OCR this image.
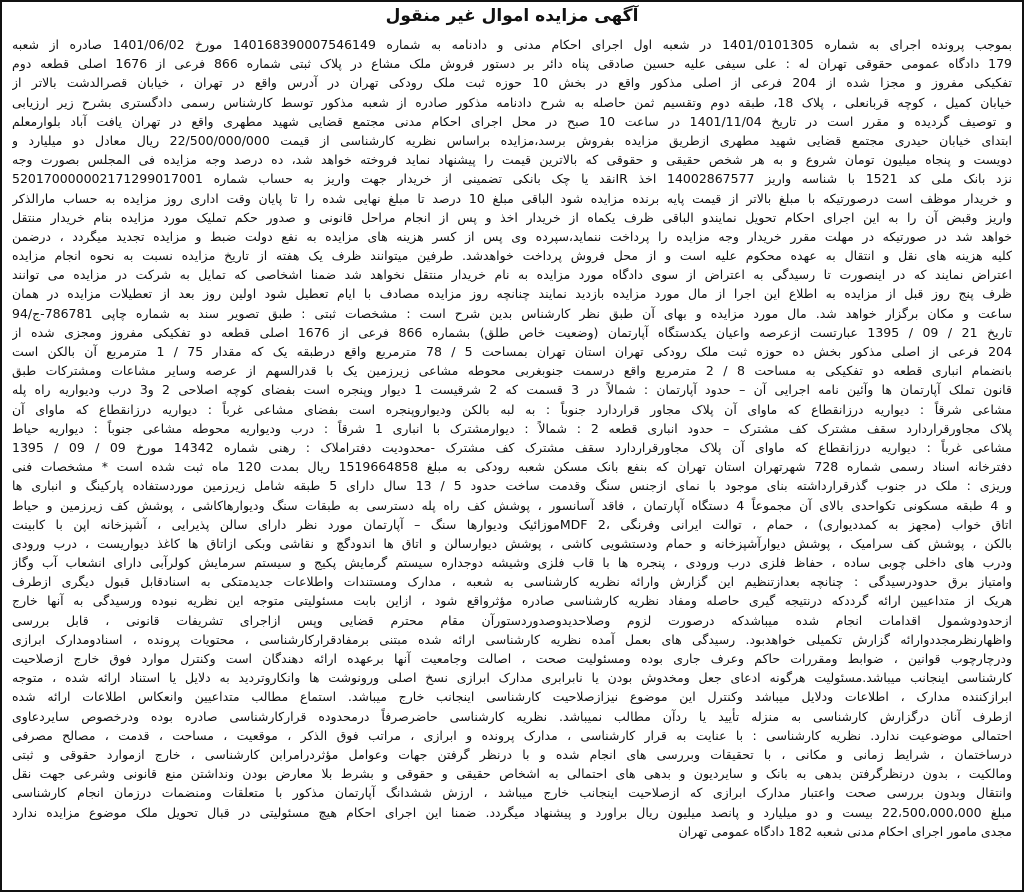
آگهی مزایده اموال غیر منقول
بموجب پرونده اجرای به شماره 1401/0101305 در شعبه اول اجرای احکام مدنی و دادنامه به شماره 140168390007546149 مورخ 1401/06/02 صادره از شعبه
179 دادگاه عمومی حقوقی تهران له : علی سیفی علیه حسین صادقی پناه دائر بر دستور فروش ملک مشاع در پلاک ثبتی شماره 866 فرعی از 1676 اصلی قطعه دوم
تفکیکی مفروز و مجزا شده از 204 فرعی از اصلی مذکور واقع در بخش 10 حوزه ثبت ملک رودکی تهران در آدرس واقع در تهران ، خیابان قصرالدشت بالاتر از
خیابان کمیل ، کوچه قربانعلی ، پلاک 18، طبقه دوم وتقسیم ثمن حاصله به شرح دادنامه مذکور صادره از شعبه مذکور توسط کارشناس رسمی دادگستری بشرح زیر ارزیابی
و توصیف گردیده و مقرر است در تاریخ 1401/11/04 در ساعت 10 صبح در محل اجرای احکام مدنی مجتمع قضایی شهید مطهری واقع در تهران یافت آباد بلوارمعلم
ابتدای خیابان حیدری مجتمع قضایی شهید مطهری ازطریق مزایده بفروش برسد،مزایده براساس نظریه کارشناسی از قیمت 22/500/000/000 ریال معادل دو میلیارد و
دویست و پنجاه میلیون تومان شروع و به هر شخص حقیقی و حقوقی که بالاترین قیمت را پیشنهاد نماید فروخته خواهد شد، ده درصد وجه مزایده فی المجلس بصورت وجه
نزد بانک ملی کد 1521 با شناسه واریز 14002867577 اخذ IRنقد یا چک بانکی تضمینی از خریدار جهت واریز به حساب شماره 520170000002171299017001
و خریدار موظف است درصورتیکه با مبلغ بالاتر از قیمت پایه برنده مزایده شود الباقی مبلغ 10 درصد تا مبلغ نهایی شده را تا پایان وقت اداری روز مزایده به حساب مارالذکر
واریز وقبض آن را به این اجرای احکام تحویل نمایندو الباقی ظرف یکماه از خریدار اخذ و پس از انجام مراحل قانونی و صدور حکم تملیک مورد مزایده بنام خریدار منتقل
خواهد شد در صورتیکه در مهلت مقرر خریدار وجه مزایده را پرداخت ننماید،سپرده وی پس از کسر هزینه های مزایده به نفع دولت ضبط و مزایده تجدید میگردد ، درضمن
کلیه هزینه های نقل و انتقال به عهده محکوم علیه است و از محل فروش پرداخت خواهدشد. طرفین میتوانند ظرف یک هفته از تاریخ مزایده نسبت به نحوه انجام مزایده
اعتراض نمایند که در اینصورت تا رسیدگی به اعتراض از سوی دادگاه مورد مزایده به نام خریدار منتقل نخواهد شد ضمنا اشخاصی که تمایل به شرکت در مزایده می توانند
ظرف پنج روز قبل از مزایده به اطلاع این اجرا از مال مورد مزایده بازدید نمایند چنانچه روز مزایده مصادف با ایام تعطیل شود اولین روز بعد از تعطیلات مزایده در همان
ساعت و مکان برگزار خواهد شد. مال مورد مزایده و بهای آن طبق نظر کارشناس بدین شرح است : مشخصات ثبتی : طبق تصویر سند به شماره چاپی 786781-ج/94
تاریخ 21 / 09 / 1395 عبارتست ازعرصه واعیان یکدستگاه آپارتمان (وضعیت خاص طلق) بشماره 866 فرعی از 1676 اصلی قطعه دو تفکیکی مفروز ومجزی شده از
204 فرعی از اصلی مذکور بخش ده حوزه ثبت ملک رودکی تهران استان تهران بمساحت 5 / 78 مترمربع واقع درطبقه یک که مقدار 75 / 1 مترمربع آن بالکن است
بانضمام انباری قطعه دو تفکیکی به مساحت 8 / 2 مترمربع واقع درسمت جنوبغربی محوطه مشاعی زیرزمین یک با قدرالسهم از عرصه وسایر مشاعات ومشترکات طبق
قانون تملک آپارتمان ها وآئین نامه اجرایی آن – حدود آپارتمان : شمالاً در 3 قسمت که 2 شرقیست 1 دیوار وپنجره است بفضای کوچه اصلاحی 2 و3 درب ودیواریه راه پله
مشاعی شرقاً : دیواریه درزانقطاع که ماوای آن پلاک مجاور قراردارد جنوباً : به لبه بالکن ودیواروپنجره است بفضای مشاعی غرباً : دیواریه درزانقطاع که ماوای آن
پلاک مجاورقراردارد سقف مشترک کف مشترک – حدود انباری قطعه 2 : شمالاً : دیوارمشترک با انباری 1 شرقاً : درب ودیواریه محوطه مشاعی جنوباً : دیواریه حیاط
مشاعی غرباً : دیواریه درزانقطاع که ماوای آن پلاک مجاورقراردارد سقف مشترک کف مشترک -محدودیت دفتراملاک : رهنی شماره 14342 مورخ 09 / 09 / 1395
دفترخانه اسناد رسمی شماره 728 شهرتهران استان تهران که بنفع بانک مسکن شعبه رودکی به مبلغ 1519664858 ریال بمدت 120 ماه ثبت شده است * مشخصات فنی
وریزی : ملک در جنوب گذرقرارداشته بنای موجود با نمای ازجنس سنگ وقدمت ساخت حدود 5 / 13 سال دارای 5 طبقه شامل زیرزمین موردستفاده پارکینگ و انباری ها
و 4 طبقه مسکونی تکواحدی بالای آن مجموعاً 4 دستگاه آپارتمان ، فاقد آسانسور ، پوشش کف راه پله دسترسی به طبقات سنگ ودیوارهاکاشی ، پوشش کف زیرزمین و حیاط
اتاق خواب (مجهز به کمددیواری) ، حمام ، توالت ایرانی وفرنگی ،MDF 2موزائیک ودیوارها سنگ – آپارتمان مورد نظر دارای سالن پذیرایی ، آشپزخانه اپن با کابینت
بالکن ، پوشش کف سرامیک ، پوشش دیوارآشپزخانه و حمام ودستشویی کاشی ، پوشش دیوارسالن و اتاق ها اندودگچ و نقاشی وبکی ازاتاق ها کاغذ دیواریست ، درب ورودی
ودرب های داخلی چوبی ساده ، حفاظ فلزی درب ورودی ، پنجره ها با قاب فلزی وشیشه دوجداره سیستم گرمایش پکیج و سیستم سرمایش کولرآبی دارای انشعاب آب وگاز
وامتیاز برق حدودرسیدگی : چنانچه بعدازتنظیم این گزارش وارائه نظریه کارشناسی به شعبه ، مدارک ومستندات واطلاعات جدیدمتکی به اسنادقابل قبول دیگری ازطرف
هریک از متداعیین ارائه گرددکه درنتیجه گیری حاصله ومفاد نظریه کارشناسی صادره مؤثرواقع شود ، ازاین بابت مسئولیتی متوجه این نظریه نبوده ورسیدگی به آنها خارج
ازحدودوشمول اقدامات انجام شده میباشدکه درصورت لزوم وصلاحدیدوصدوردستورآن مقام محترم قضایی وپس ازاجرای تشریفات قانونی ، قابل بررسی
واظهارنظرمجددوارائه گزارش تکمیلی خواهدبود. رسیدگی های بعمل آمده نظریه کارشناسی ارائه شده مبتنی برمفادقرارکارشناسی ، محتویات پرونده ، اسنادومدارک ابرازی
ودرچارچوب قوانین ، ضوابط ومقررات حاکم وعرف جاری بوده ومسئولیت صحت ، اصالت وجامعیت آنها برعهده ارائه دهندگان است وکنترل موارد فوق خارج ازصلاحیت
کارشناسی اینجانب میباشد.مسئولیت هرگونه ادعای جعل ومخدوش بودن یا نابرابری مدارک ابرازی نسخ اصلی ورونوشت ها وانکاروتردید به دلایل یا استناد ارائه شده ، متوجه
ابرازکننده مدارک ، اطلاعات ودلایل میباشد وکنترل این موضوع نیزازصلاحیت کارشناسی اینجانب خارج میباشد. استماع مطالب متداعیین وانعکاس اطلاعات ارائه شده
ازطرف آنان درگزارش کارشناسی به منزله تأیید یا ردآن مطالب نمیباشد. نظریه کارشناسی حاضرصرفاً درمحدوده قرارکارشناسی صادره بوده ودرخصوص سایردعاوی
احتمالی موضوعیت ندارد. نظریه کارشناسی : با عنایت به قرار کارشناسی ، مدارک پرونده و ابرازی ، مراتب فوق الذکر ، موقعیت ، مساحت ، قدمت ، مصالح مصرفی
درساختمان ، شرایط زمانی و مکانی ، با تحقیقات وبررسی های انجام شده و با درنظر گرفتن جهات وعوامل مؤثردرامرابن کارشناسی ، خارج ازموارد حقوقی و ثبتی
ومالکیت ، بدون درنظرگرفتن بدهی به بانک و سایردیون و بدهی های احتمالی به اشخاص حقیقی و حقوقی و بشرط بلا معارض بودن ونداشتن منع قانونی وشرعی جهت نقل
وانتقال وبدون بررسی صحت واعتبار مدارک ابرازی که ازصلاحیت اینجانب خارج میباشد ، ارزش ششدانگ آپارتمان مذکور با متعلقات ومنضمات درزمان انجام کارشناسی
مبلغ 22،500،000،000 بیست و دو میلیارد و پانصد میلیون ریال براورد و پیشنهاد میگردد. ضمنا این اجرای احکام هیچ مسئولیتی در قبال تحویل ملک موضوع مزایده ندارد
مجدی مامور اجرای احکام مدنی شعبه 182 دادگاه عمومی تهران
